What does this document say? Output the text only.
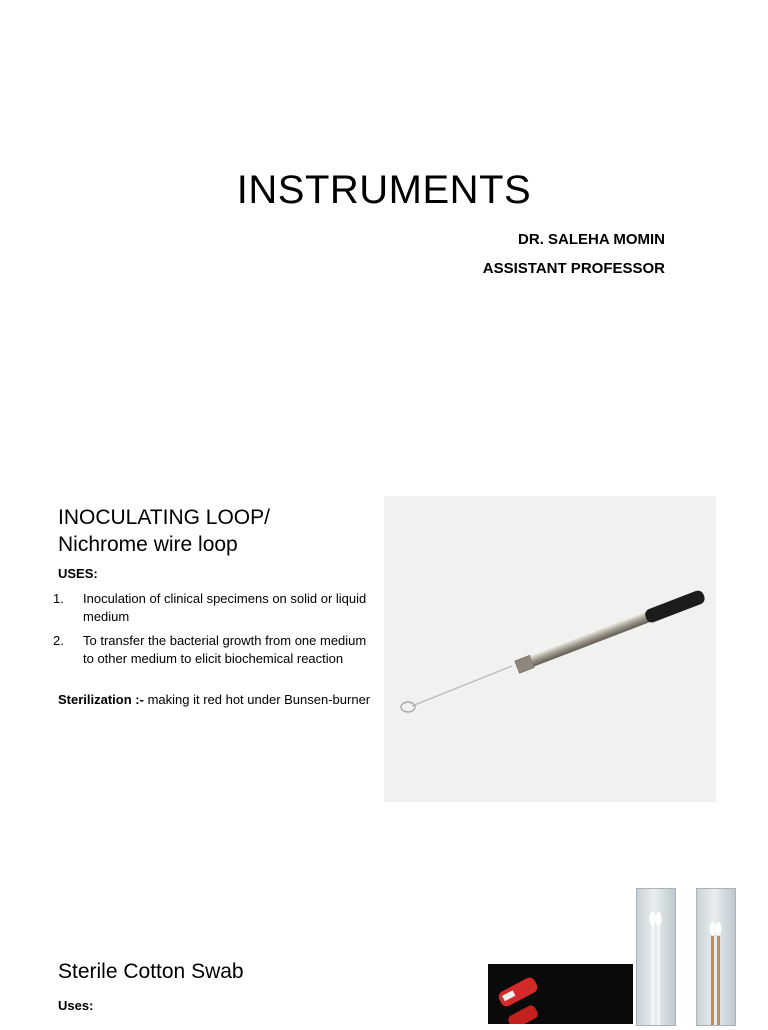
INSTRUMENTS
DR. SALEHA MOMIN
ASSISTANT PROFESSOR
INOCULATING LOOP/
Nichrome wire loop
USES:
1.	Inoculation of clinical specimens on solid or liquid medium
2.	To transfer the bacterial growth from one medium to other medium to elicit biochemical reaction
Sterilization :- making it red hot under Bunsen-burner
Sterile Cotton Swab
Uses:
